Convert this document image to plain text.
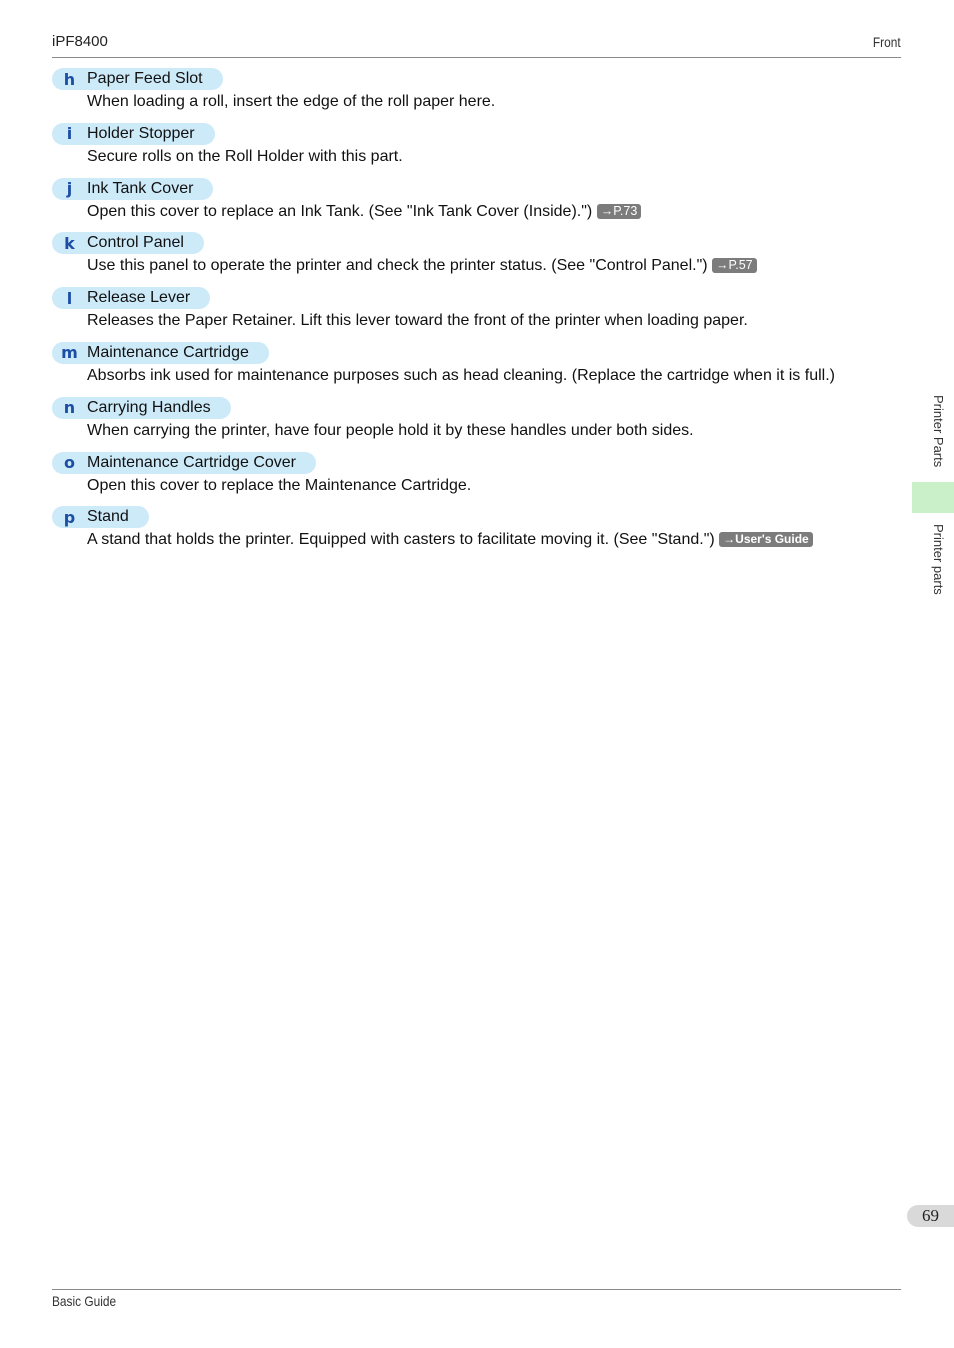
iPF8400	Front
h Paper Feed Slot
When loading a roll, insert the edge of the roll paper here.
i Holder Stopper
Secure rolls on the Roll Holder with this part.
j Ink Tank Cover
Open this cover to replace an Ink Tank. (See "Ink Tank Cover (Inside).") →P.73
k Control Panel
Use this panel to operate the printer and check the printer status. (See "Control Panel.") →P.57
l Release Lever
Releases the Paper Retainer. Lift this lever toward the front of the printer when loading paper.
m Maintenance Cartridge
Absorbs ink used for maintenance purposes such as head cleaning. (Replace the cartridge when it is full.)
n Carrying Handles
When carrying the printer, have four people hold it by these handles under both sides.
o Maintenance Cartridge Cover
Open this cover to replace the Maintenance Cartridge.
p Stand
A stand that holds the printer. Equipped with casters to facilitate moving it. (See "Stand.") →User's Guide
Printer Parts
Printer parts
69
Basic Guide
